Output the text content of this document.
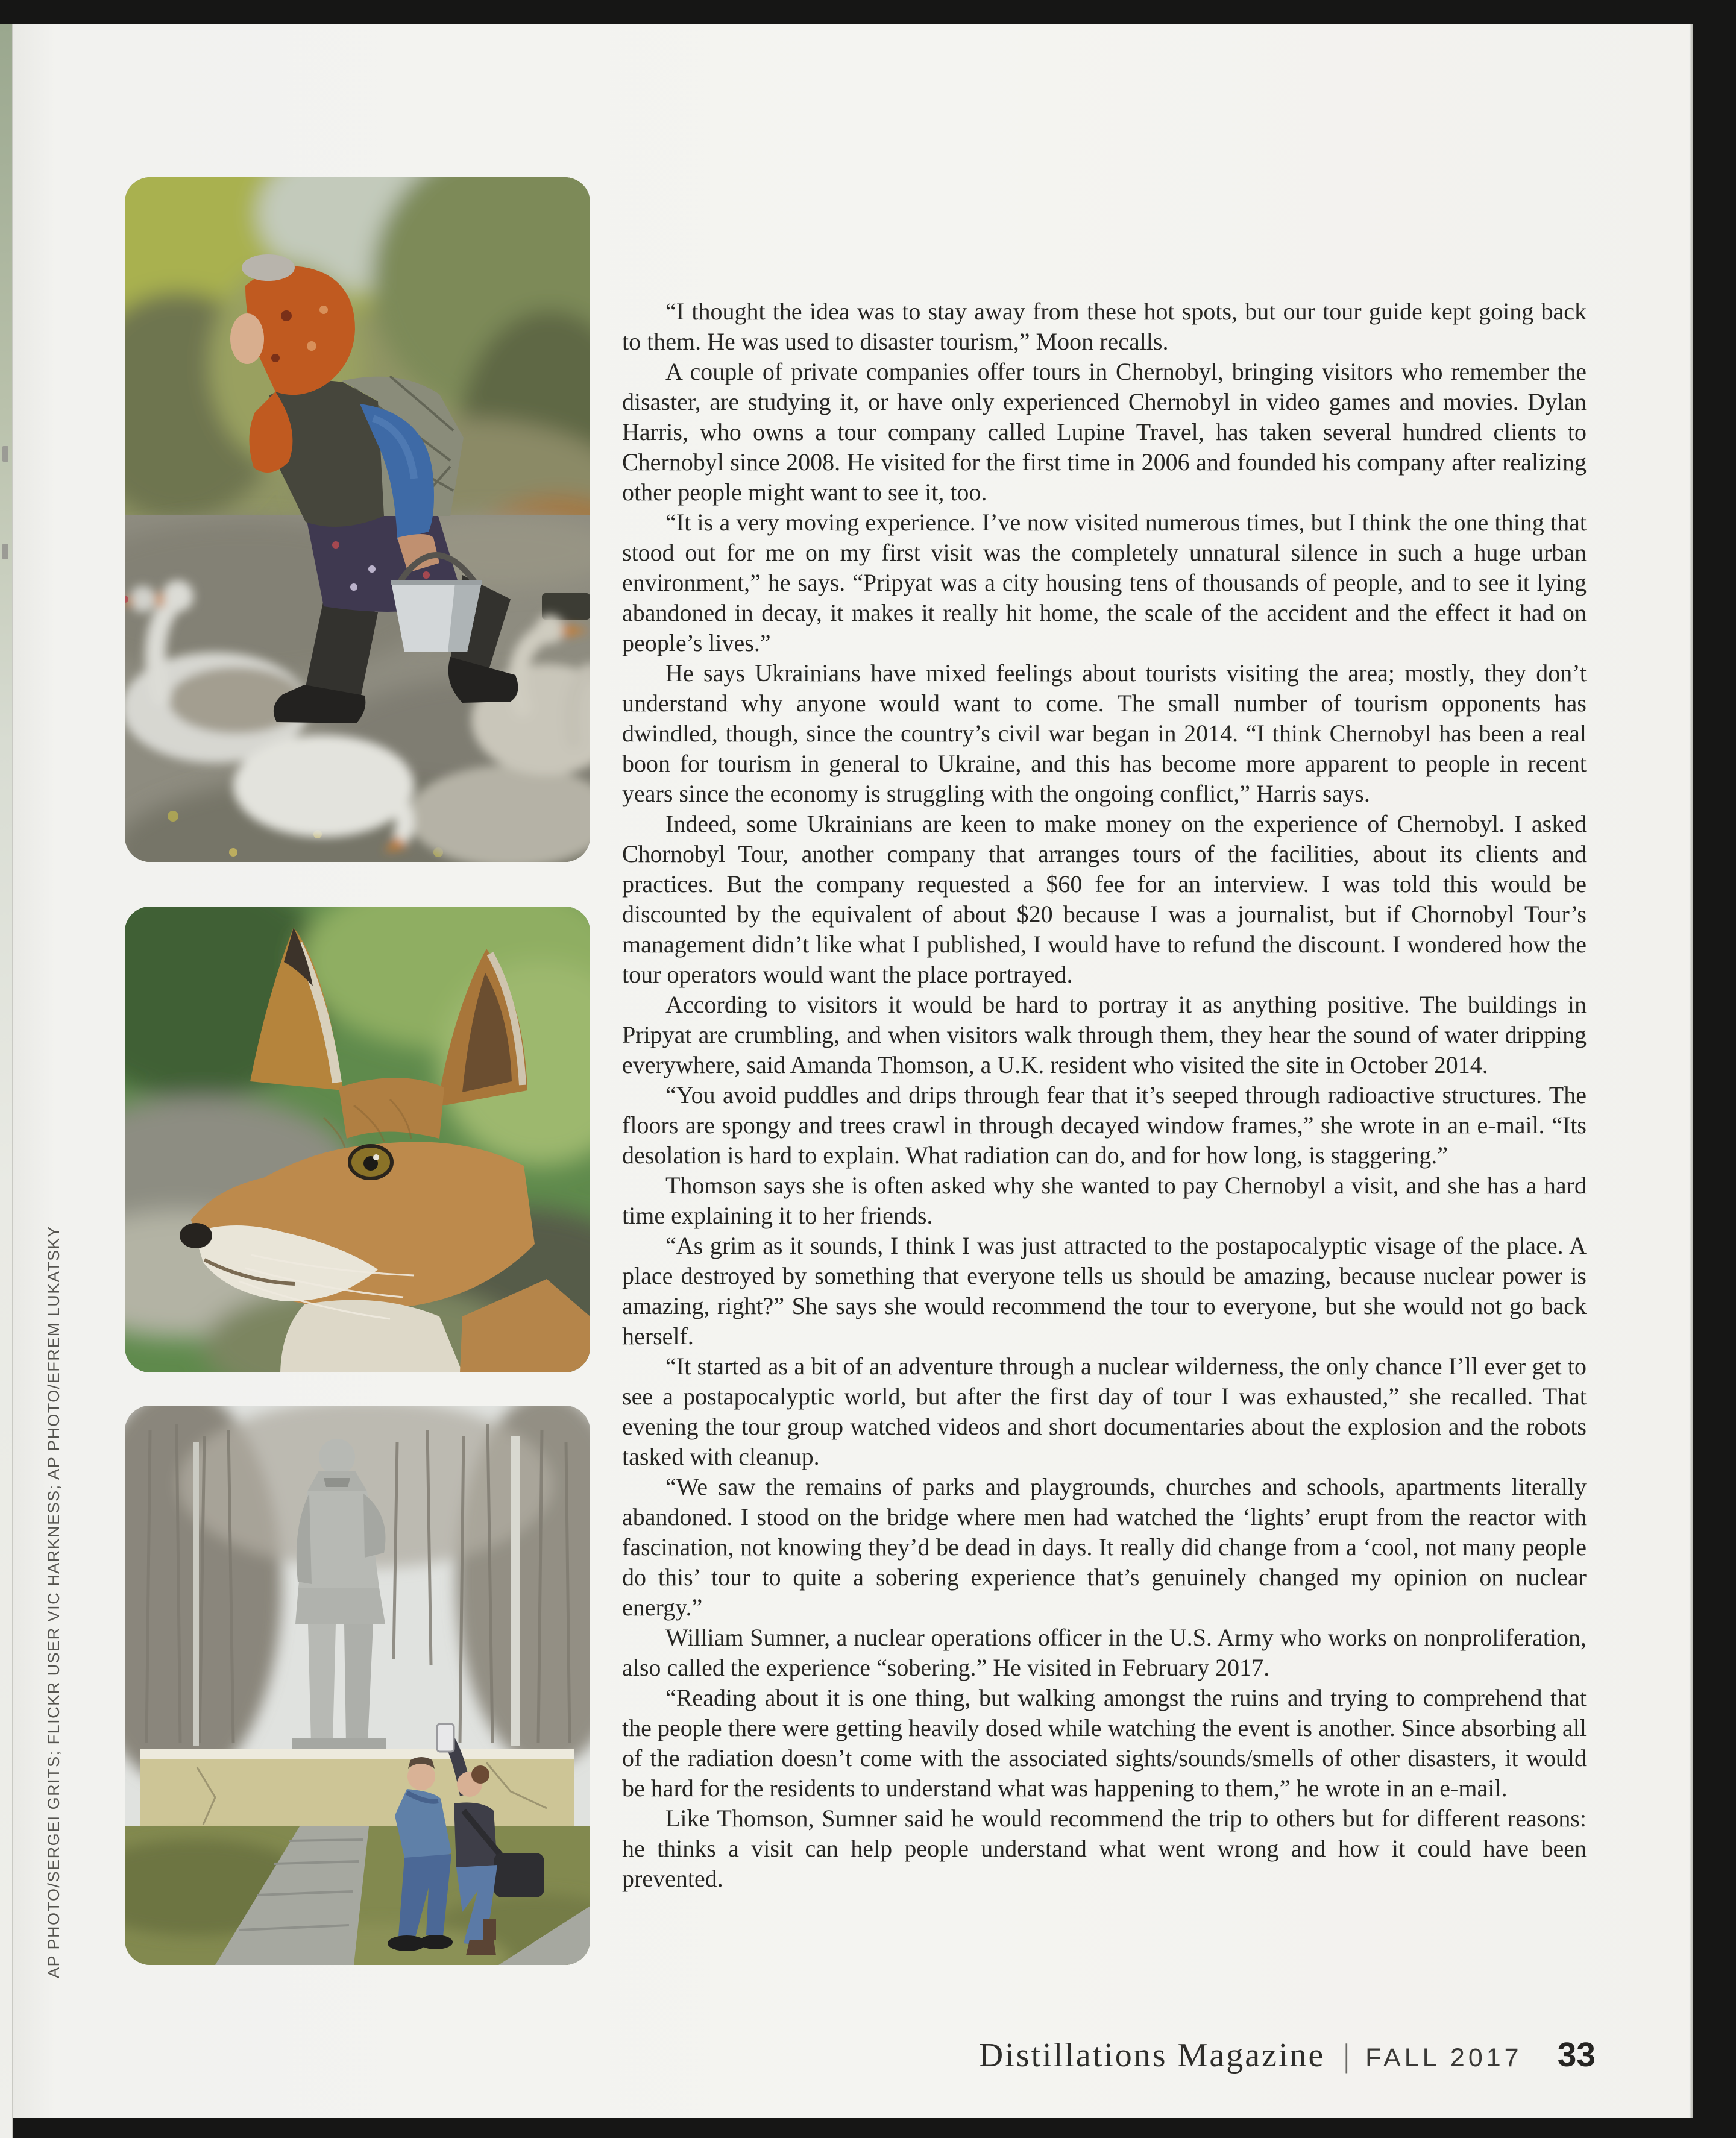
AP PHOTO/SERGEI GRITS; FLICKR USER VIC HARKNESS; AP PHOTO/EFREM LUKATSKY

“I thought the idea was to stay away from these hot spots, but our tour guide kept going back to them. He was used to disaster tourism,” Moon recalls.

A couple of private companies offer tours in Chernobyl, bringing visitors who remember the disaster, are studying it, or have only experienced Chernobyl in video games and movies. Dylan Harris, who owns a tour company called Lupine Travel, has taken several hundred clients to Chernobyl since 2008. He visited for the first time in 2006 and founded his company after realizing other people might want to see it, too.

“It is a very moving experience. I’ve now visited numerous times, but I think the one thing that stood out for me on my first visit was the completely unnatural silence in such a huge urban environment,” he says. “Pripyat was a city housing tens of thousands of people, and to see it lying abandoned in decay, it makes it really hit home, the scale of the accident and the effect it had on people’s lives.”

He says Ukrainians have mixed feelings about tourists visiting the area; mostly, they don’t understand why anyone would want to come. The small number of tourism opponents has dwindled, though, since the country’s civil war began in 2014. “I think Chernobyl has been a real boon for tourism in general to Ukraine, and this has become more apparent to people in recent years since the economy is struggling with the ongoing conflict,” Harris says.

Indeed, some Ukrainians are keen to make money on the experience of Chernobyl. I asked Chornobyl Tour, another company that arranges tours of the facilities, about its clients and practices. But the company requested a $60 fee for an interview. I was told this would be discounted by the equivalent of about $20 because I was a journalist, but if Chornobyl Tour’s management didn’t like what I published, I would have to refund the discount. I wondered how the tour operators would want the place portrayed.

According to visitors it would be hard to portray it as anything positive. The buildings in Pripyat are crumbling, and when visitors walk through them, they hear the sound of water dripping everywhere, said Amanda Thomson, a U.K. resident who visited the site in October 2014.

“You avoid puddles and drips through fear that it’s seeped through radioactive structures. The floors are spongy and trees crawl in through decayed window frames,” she wrote in an e-mail. “Its desolation is hard to explain. What radiation can do, and for how long, is staggering.”

Thomson says she is often asked why she wanted to pay Chernobyl a visit, and she has a hard time explaining it to her friends.

“As grim as it sounds, I think I was just attracted to the postapocalyptic visage of the place. A place destroyed by something that everyone tells us should be amazing, because nuclear power is amazing, right?” She says she would recommend the tour to everyone, but she would not go back herself.

“It started as a bit of an adventure through a nuclear wilderness, the only chance I’ll ever get to see a postapocalyptic world, but after the first day of tour I was exhausted,” she recalled. That evening the tour group watched videos and short documentaries about the explosion and the robots tasked with cleanup.

“We saw the remains of parks and playgrounds, churches and schools, apartments literally abandoned. I stood on the bridge where men had watched the ‘lights’ erupt from the reactor with fascination, not knowing they’d be dead in days. It really did change from a ‘cool, not many people do this’ tour to quite a sobering experience that’s genuinely changed my opinion on nuclear energy.”

William Sumner, a nuclear operations officer in the U.S. Army who works on nonproliferation, also called the experience “sobering.” He visited in February 2017.

“Reading about it is one thing, but walking amongst the ruins and trying to comprehend that the people there were getting heavily dosed while watching the event is another. Since absorbing all of the radiation doesn’t come with the associated sights/sounds/smells of other disasters, it would be hard for the residents to understand what was happening to them,” he wrote in an e-mail.

Like Thomson, Sumner said he would recommend the trip to others but for different reasons: he thinks a visit can help people understand what went wrong and how it could have been prevented.

Distillations Magazine | FALL 2017 33
